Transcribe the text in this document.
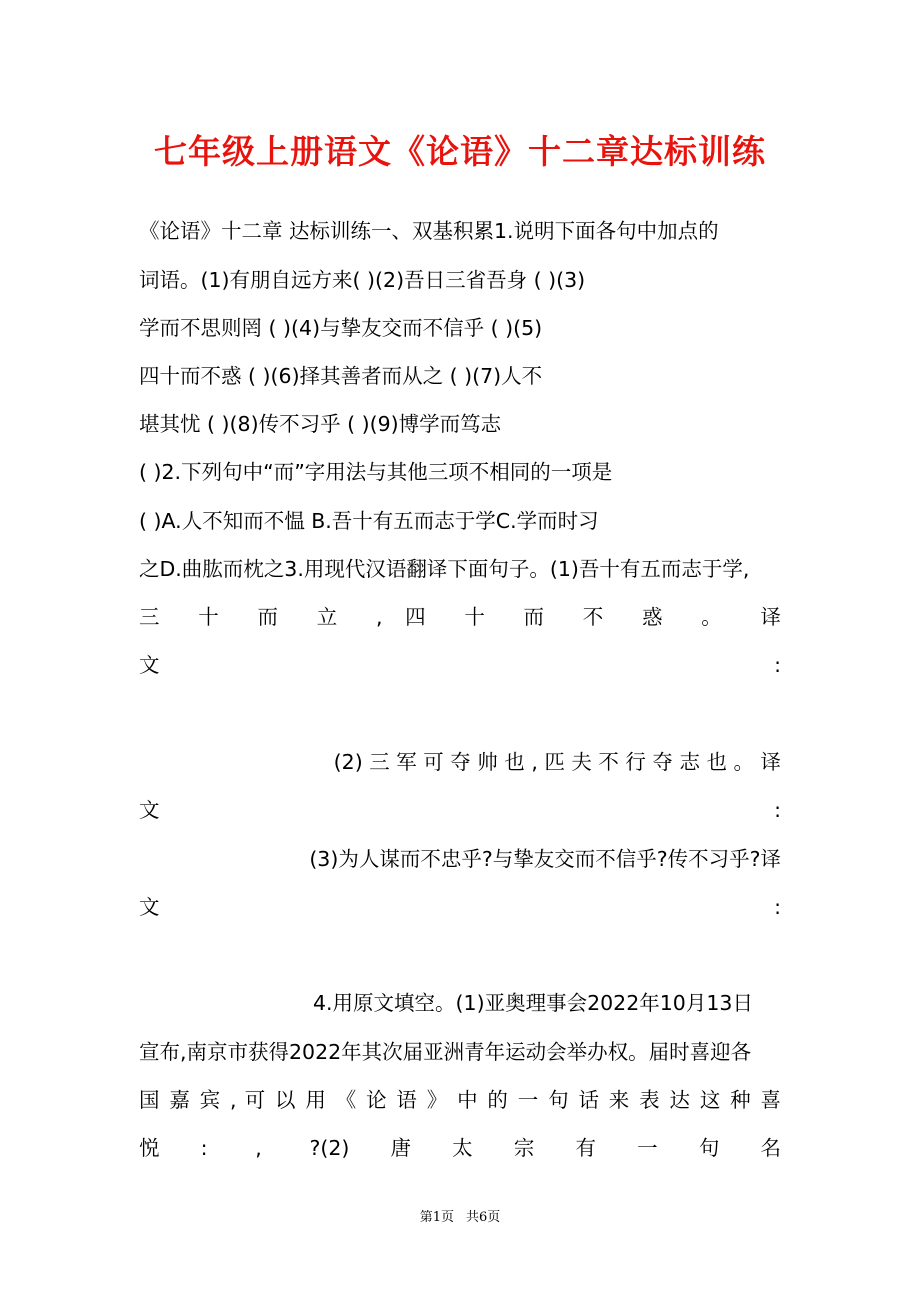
七年级上册语文《论语》十二章达标训练
《论语》十二章 达标训练一、双基积累1.说明下面各句中加点的
词语。(1)有朋自远方来( )(2)吾日三省吾身 ( )(3)
学而不思则罔 ( )(4)与挚友交而不信乎 ( )(5)
四十而不惑 ( )(6)择其善者而从之 ( )(7)人不
堪其忧 ( )(8)传不习乎 ( )(9)博学而笃志
( )2.下列句中“而”字用法与其他三项不相同的一项是
( )A.人不知而不愠 B.吾十有五而志于学C.学而时习
之D.曲肱而枕之3.用现代汉语翻译下面句子。(1)吾十有五而志于学,
三 十 而 立 , 四 十 而 不 惑 。 译
文 :
(2) 三 军 可 夺 帅 也 , 匹 夫 不 行 夺 志 也 。 译
文 :
(3)为人谋而不忠乎?与挚友交而不信乎?传不习乎?译
文 :
4.用原文填空。(1)亚奥理事会2022年10月13日
宣布,南京市获得2022年其次届亚洲青年运动会举办权。届时喜迎各
国 嘉 宾 , 可 以 用 《 论 语 》 中 的 一 句 话 来 表 达 这 种 喜
悦: , ?(2)唐太宗有一句名
第1页 共6页
